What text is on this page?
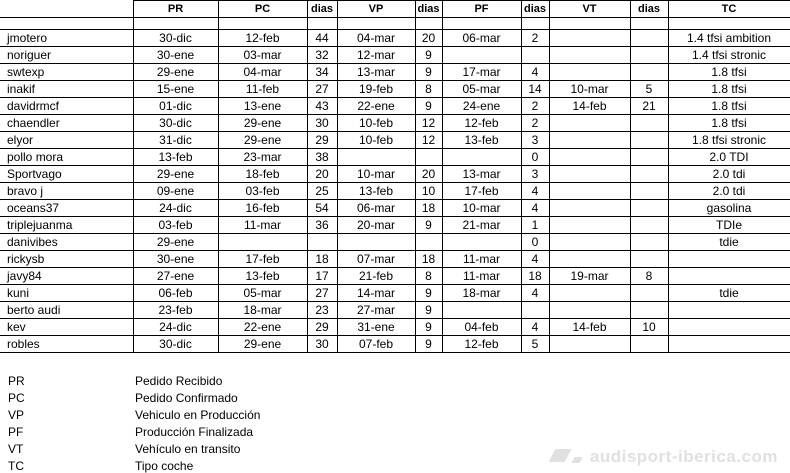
	PR	PC	dias	VP	dias	PF	dias	VT	dias	TC

jmotero	30-dic	12-feb	44	04-mar	20	06-mar	2			1.4 tfsi ambition
noriguer	30-ene	03-mar	32	12-mar	9					1.4 tfsi stronic
swtexp	29-ene	04-mar	34	13-mar	9	17-mar	4			1.8 tfsi
inakif	15-ene	11-feb	27	19-feb	8	05-mar	14	10-mar	5	1.8 tfsi
davidrmcf	01-dic	13-ene	43	22-ene	9	24-ene	2	14-feb	21	1.8 tfsi
chaendler	30-dic	29-ene	30	10-feb	12	12-feb	2			1.8 tfsi
elyor	31-dic	29-ene	29	10-feb	12	13-feb	3			1.8 tfsi stronic
pollo mora	13-feb	23-mar	38				0			2.0 TDI
Sportvago	29-ene	18-feb	20	10-mar	20	13-mar	3			2.0 tdi
bravo j	09-ene	03-feb	25	13-feb	10	17-feb	4			2.0 tdi
oceans37	24-dic	16-feb	54	06-mar	18	10-mar	4			gasolina
triplejuanma	03-feb	11-mar	36	20-mar	9	21-mar	1			TDIe
danivibes	29-ene						0			tdie
rickysb	30-ene	17-feb	18	07-mar	18	11-mar	4			
javy84	27-ene	13-feb	17	21-feb	8	11-mar	18	19-mar	8	
kuni	06-feb	05-mar	27	14-mar	9	18-mar	4			tdie
berto audi	23-feb	18-mar	23	27-mar	9					
kev	24-dic	22-ene	29	31-ene	9	04-feb	4	14-feb	10	
robles	30-dic	29-ene	30	07-feb	9	12-feb	5			
PR	Pedido Recibido
PC	Pedido Confirmado
VP	Vehiculo en Producción
PF	Producción Finalizada
VT	Vehículo en transito
TC	Tipo coche	audisport-iberica.com
